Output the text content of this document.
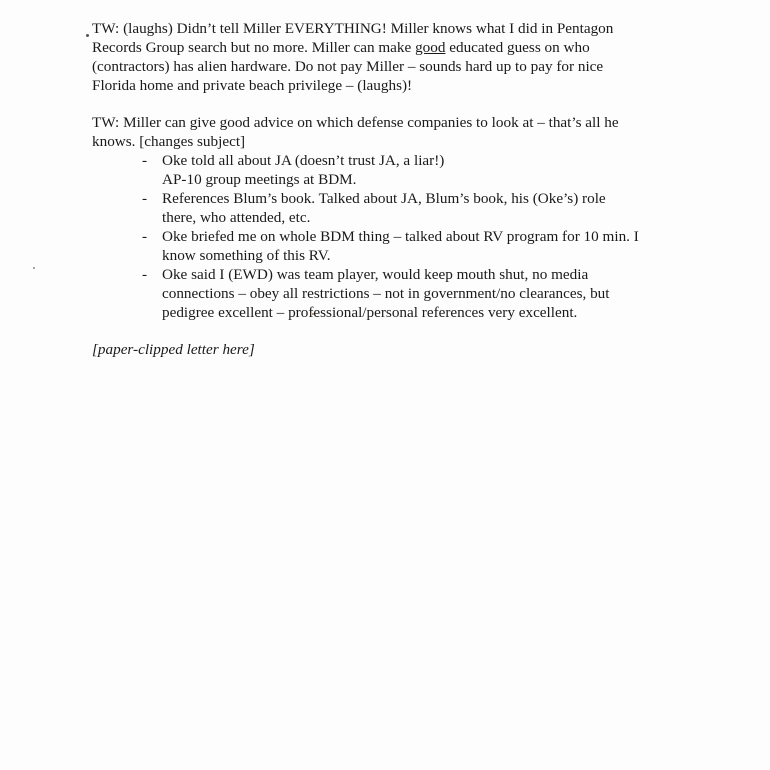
TW: (laughs) Didn’t tell Miller EVERYTHING! Miller knows what I did in Pentagon
Records Group search but no more. Miller can make good educated guess on who
(contractors) has alien hardware. Do not pay Miller – sounds hard up to pay for nice
Florida home and private beach privilege – (laughs)!

TW: Miller can give good advice on which defense companies to look at – that’s all he
knows. [changes subject]

- Oke told all about JA (doesn’t trust JA, a liar!)
AP-10 group meetings at BDM.
- References Blum’s book. Talked about JA, Blum’s book, his (Oke’s) role
there, who attended, etc.
- Oke briefed me on whole BDM thing – talked about RV program for 10 min. I
know something of this RV.
- Oke said I (EWD) was team player, would keep mouth shut, no media
connections – obey all restrictions – not in government/no clearances, but
pedigree excellent – professional/personal references very excellent.
[paper-clipped letter here]
